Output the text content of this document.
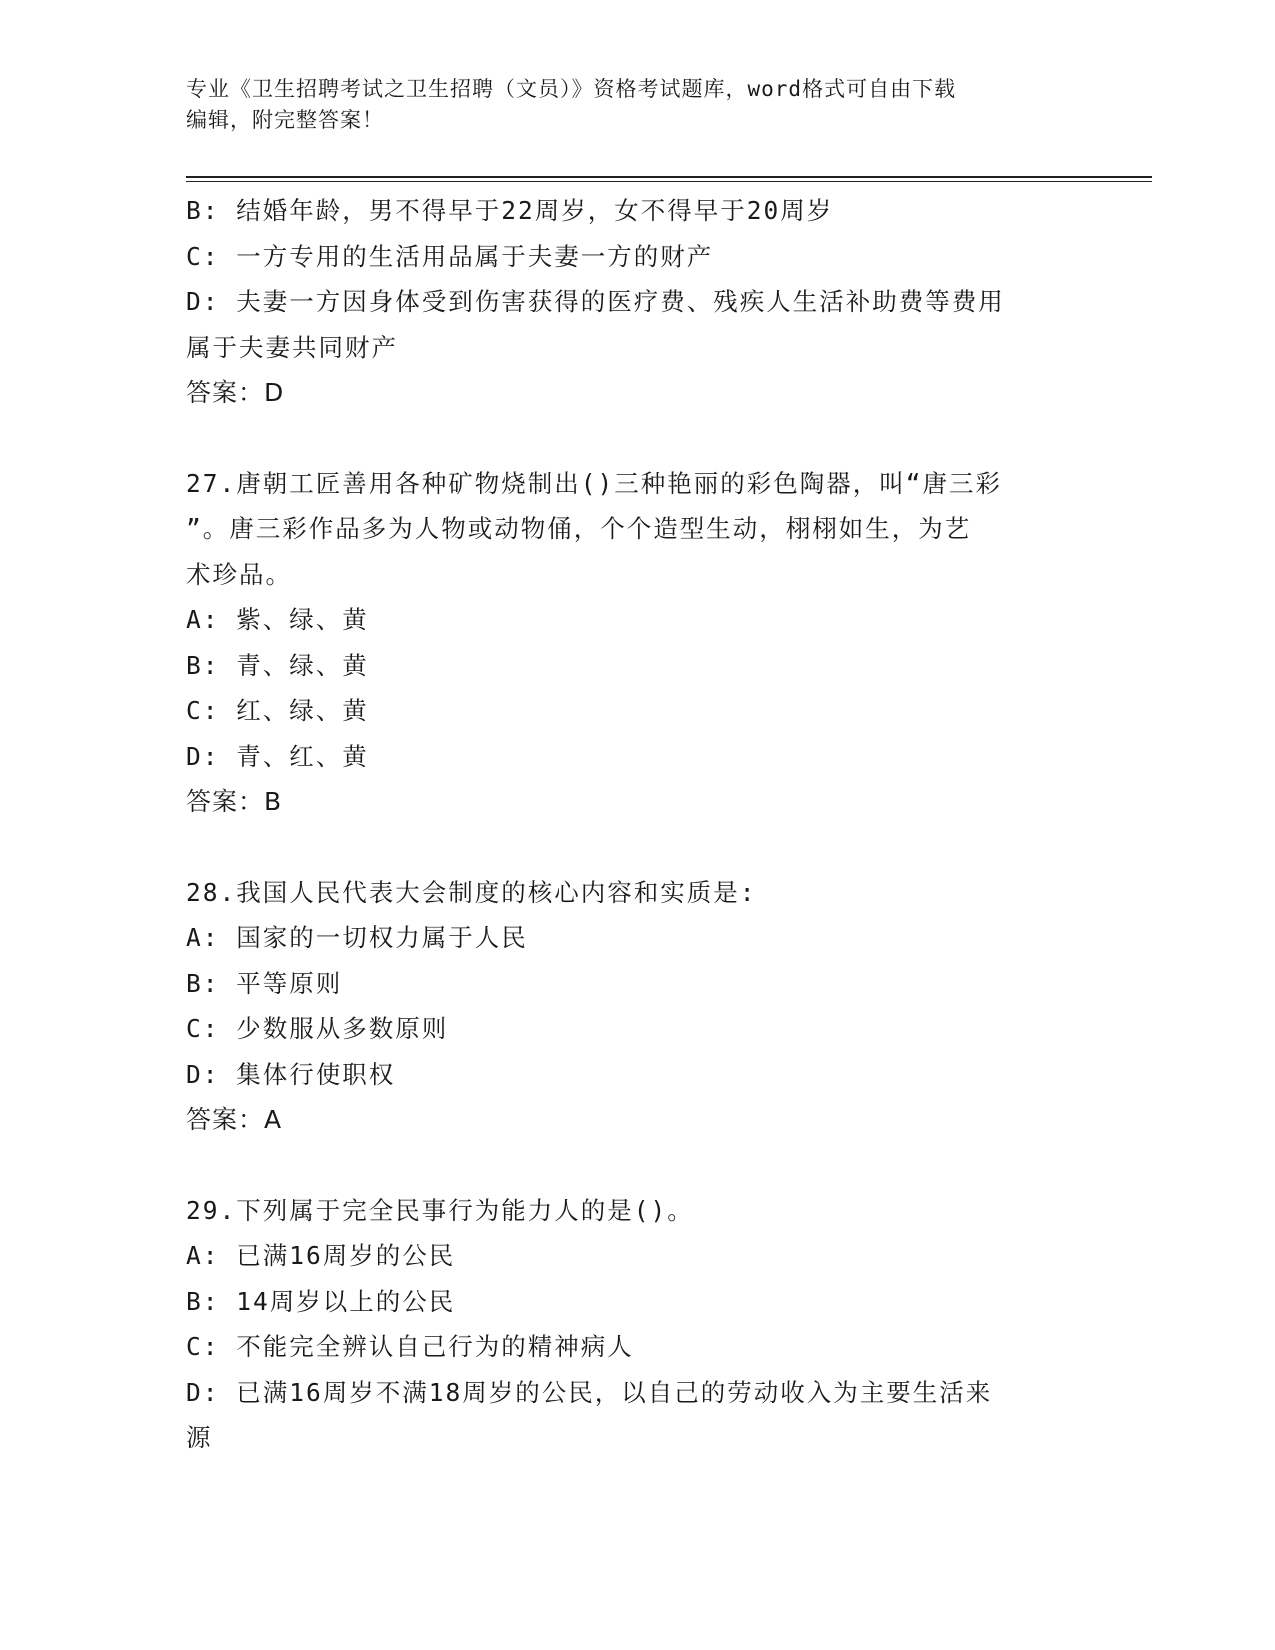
专业《卫生招聘考试之卫生招聘（文员）》资格考试题库，word格式可自由下载
编辑，附完整答案！
B: 结婚年龄，男不得早于22周岁，女不得早于20周岁
C: 一方专用的生活用品属于夫妻一方的财产
D: 夫妻一方因身体受到伤害获得的医疗费、残疾人生活补助费等费用
属于夫妻共同财产
答案：D
27.唐朝工匠善用各种矿物烧制出()三种艳丽的彩色陶器，叫“唐三彩
”。唐三彩作品多为人物或动物俑，个个造型生动，栩栩如生，为艺
术珍品。
A: 紫、绿、黄
B: 青、绿、黄
C: 红、绿、黄
D: 青、红、黄
答案：B
28.我国人民代表大会制度的核心内容和实质是:
A: 国家的一切权力属于人民
B: 平等原则
C: 少数服从多数原则
D: 集体行使职权
答案：A
29.下列属于完全民事行为能力人的是()。
A: 已满16周岁的公民
B: 14周岁以上的公民
C: 不能完全辨认自己行为的精神病人
D: 已满16周岁不满18周岁的公民，以自己的劳动收入为主要生活来
源
